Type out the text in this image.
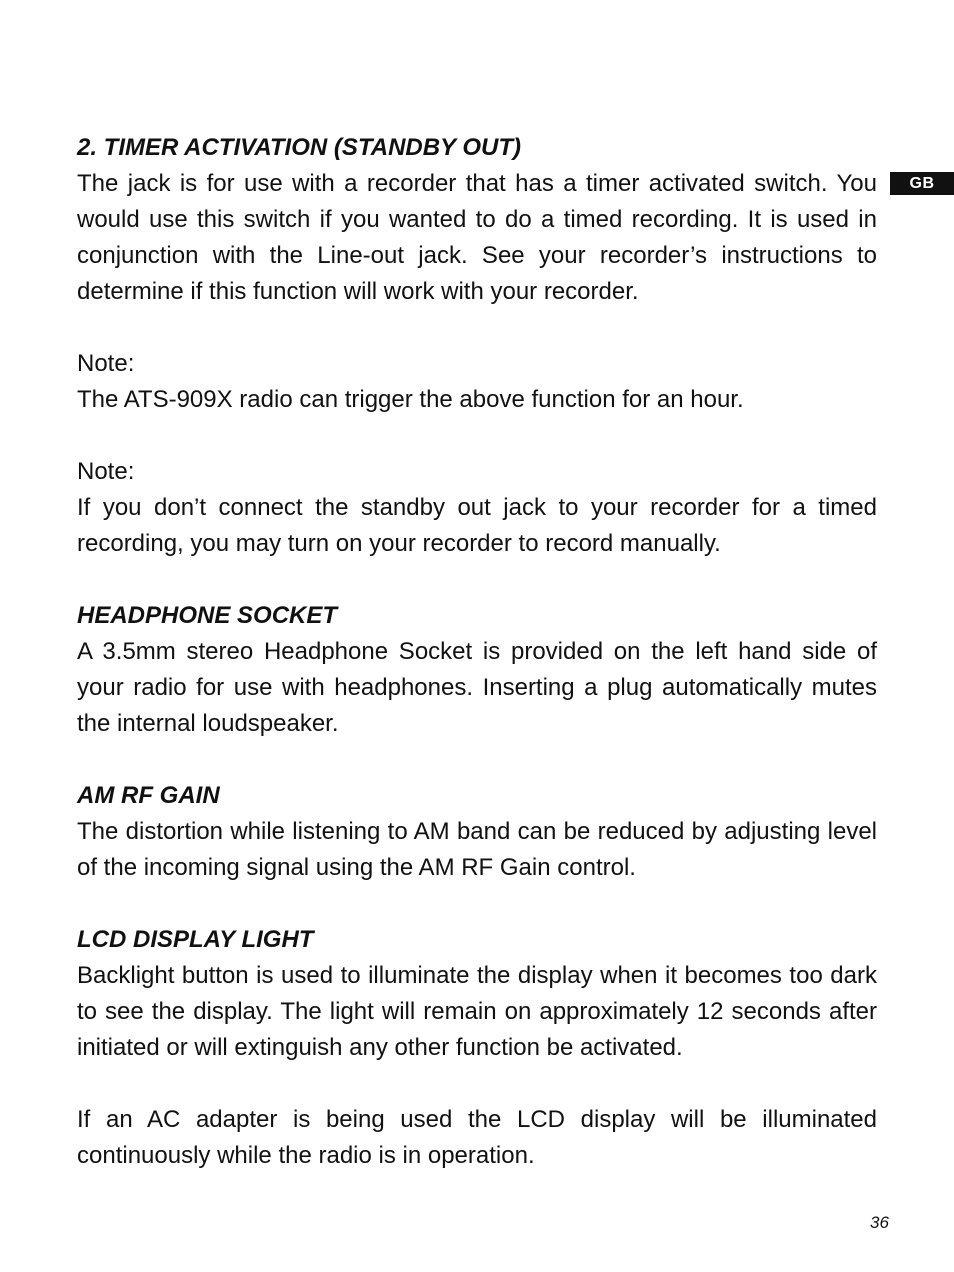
GB

2. TIMER ACTIVATION (STANDBY OUT)

The jack is for use with a recorder that has a timer activated switch. You would use this switch if you wanted to do a timed recording. It is used in conjunction with the Line-out jack. See your recorder’s instructions to determine if this function will work with your recorder.

Note:

The ATS-909X radio can trigger the above function for an hour.

Note:

If you don’t connect the standby out jack to your recorder for a timed recording, you may turn on your recorder to record manually.

HEADPHONE SOCKET

A 3.5mm stereo Headphone Socket is provided on the left hand side of your radio for use with headphones. Inserting a plug automatically mutes the internal loudspeaker.

AM RF GAIN

The distortion while listening to AM band can be reduced by adjusting level of the incoming signal using the AM RF Gain control.

LCD DISPLAY LIGHT

Backlight button is used to illuminate the display when it becomes too dark to see the display. The light will remain on approximately 12 seconds after initiated or will extinguish any other function be activated.

If an AC adapter is being used the LCD display will be illuminated continuously while the radio is in operation.

36
